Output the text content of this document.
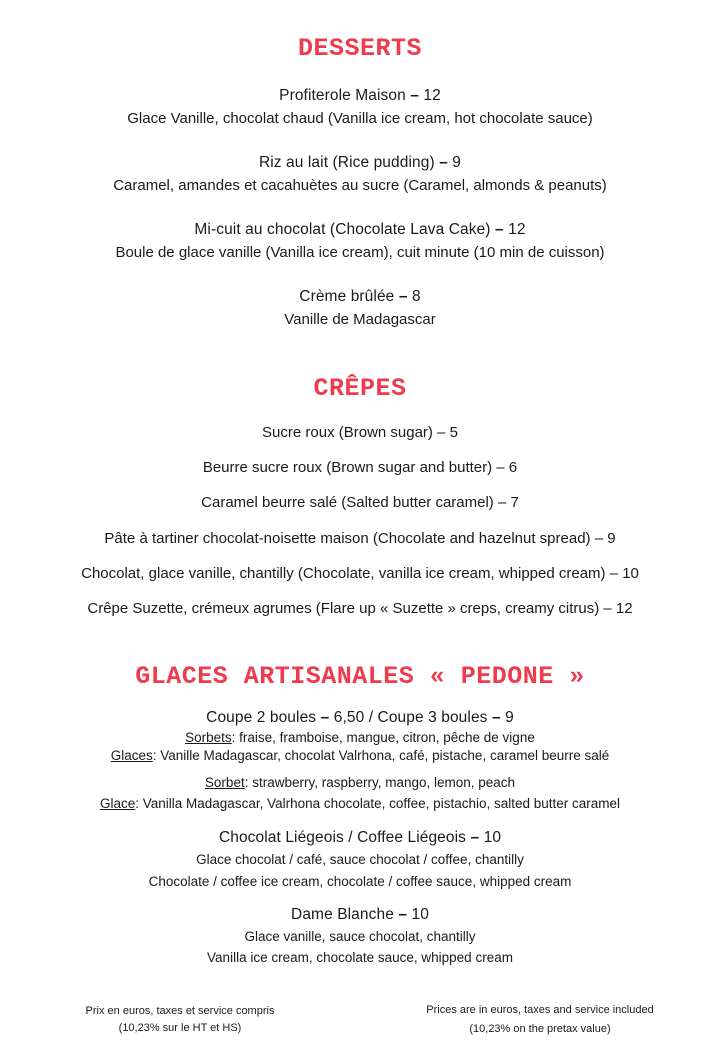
DESSERTS
Profiterole Maison – 12
Glace Vanille, chocolat chaud (Vanilla ice cream, hot chocolate sauce)
Riz au lait (Rice pudding) – 9
Caramel, amandes et cacahuètes au sucre (Caramel, almonds & peanuts)
Mi-cuit au chocolat (Chocolate Lava Cake) – 12
Boule de glace vanille (Vanilla ice cream), cuit minute (10 min de cuisson)
Crème brûlée – 8
Vanille de Madagascar
CRÊPES
Sucre roux (Brown sugar) – 5
Beurre sucre roux (Brown sugar and butter) – 6
Caramel beurre salé (Salted butter caramel) – 7
Pâte à tartiner chocolat-noisette maison (Chocolate and hazelnut spread) – 9
Chocolat, glace vanille, chantilly (Chocolate, vanilla ice cream, whipped cream) – 10
Crêpe Suzette, crémeux agrumes (Flare up « Suzette » creps, creamy citrus) – 12
GLACES ARTISANALES « PEDONE »
Coupe 2 boules – 6,50 / Coupe 3 boules – 9
Sorbets: fraise, framboise, mangue, citron, pêche de vigne
Glaces: Vanille Madagascar, chocolat Valrhona, café, pistache, caramel beurre salé
Sorbet: strawberry, raspberry, mango, lemon, peach
Glace: Vanilla Madagascar, Valrhona chocolate, coffee, pistachio, salted butter caramel
Chocolat Liégeois / Coffee Liégeois – 10
Glace chocolat / café, sauce chocolat / coffee, chantilly
Chocolate / coffee ice cream, chocolate / coffee sauce, whipped cream
Dame Blanche – 10
Glace vanille, sauce chocolat, chantilly
Vanilla ice cream, chocolate sauce, whipped cream
Prix en euros, taxes et service compris
(10,23% sur le HT et HS)
Prices are in euros, taxes and service included
(10,23% on the pretax value)
